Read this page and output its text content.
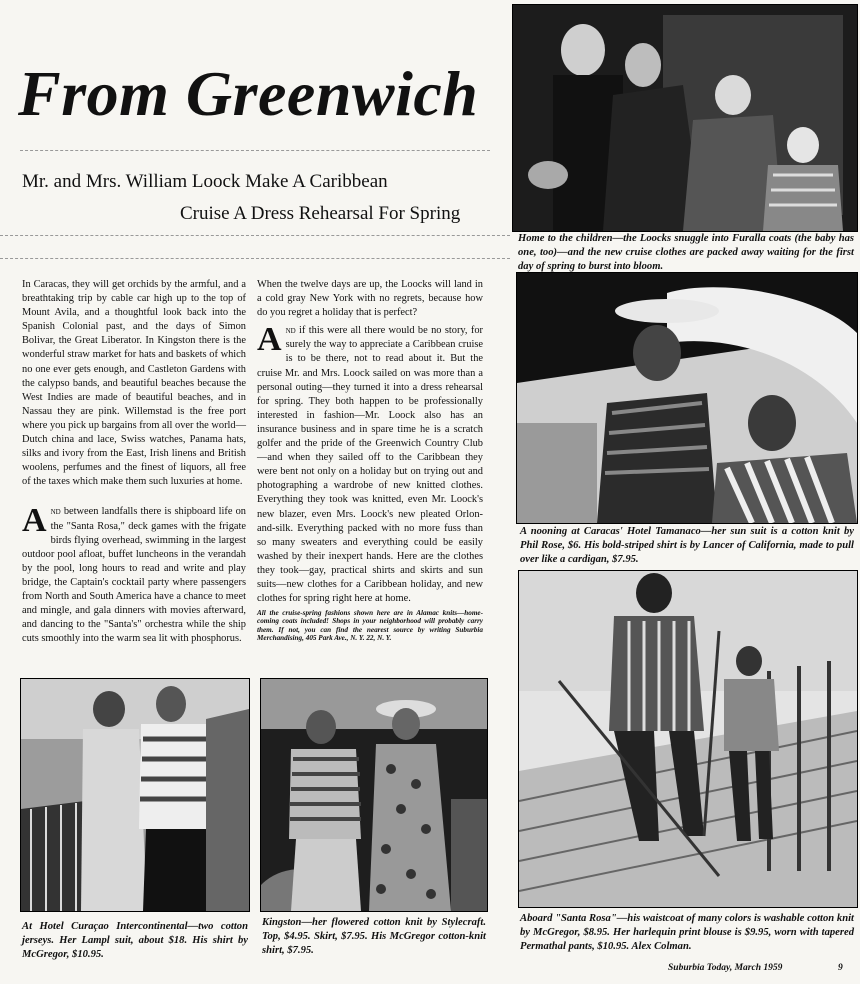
From Greenwich
Mr. and Mrs. William Loock Make A Caribbean
Cruise A Dress Rehearsal For Spring
Home to the children—the Loocks snuggle into Furalla coats (the baby has one, too)—and the new cruise clothes are packed away waiting for the first day of spring to burst into bloom.

In Caracas, they will get orchids by the armful, and a breathtaking trip by cable car high up to the top of Mount Avila, and a thoughtful look back into the Spanish Colonial past, and the days of Simon Bolivar, the Great Liberator. In Kingston there is the wonderful straw market for hats and baskets of which no one ever gets enough, and Castleton Gardens with the calypso bands, and beautiful beaches because the West Indies are made of beautiful beaches, and in Nassau they are pink. Willemstad is the free port where you pick up bargains from all over the world—Dutch china and lace, Swiss watches, Panama hats, silks and ivory from the East, Irish linens and British woolens, perfumes and the finest of liquors, all free of the taxes which make them such luxuries at home.

And between landfalls there is shipboard life on the "Santa Rosa," deck games with the frigate birds flying overhead, swimming in the largest outdoor pool afloat, buffet luncheons in the verandah by the pool, long hours to read and write and play bridge, the Captain's cocktail party where passengers from North and South America have a chance to meet and mingle, and gala dinners with movies afterward, and dancing to the "Santa's" orchestra while the ship cuts smoothly into the warm sea lit with phosphorus.

When the twelve days are up, the Loocks will land in a cold gray New York with no regrets, because how do you regret a holiday that is perfect?

And if this were all there would be no story, for surely the way to appreciate a Caribbean cruise is to be there, not to read about it. But the cruise Mr. and Mrs. Loock sailed on was more than a personal outing—they turned it into a dress rehearsal for spring. They both happen to be professionally interested in fashion—Mr. Loock also has an insurance business and in spare time he is a scratch golfer and the pride of the Greenwich Country Club—and when they sailed off to the Caribbean they were bent not only on a holiday but on trying out and photographing a wardrobe of new knitted clothes. Everything they took was knitted, even Mr. Loock's new blazer, even Mrs. Loock's new pleated Orlon-and-silk. Everything packed with no more fuss than so many sweaters and everything could be easily washed by their inexpert hands. Here are the clothes they took—gay, practical shirts and skirts and sun suits—new clothes for a Caribbean holiday, and new clothes for spring right here at home.

All the cruise-spring fashions shown here are in Alamac knits—home-coming coats included! Shops in your neighborhood will probably carry them. If not, you can find the nearest source by writing Suburbia Merchandising, 405 Park Ave., N. Y. 22, N. Y.

A nooning at Caracas' Hotel Tamanaco—her sun suit is a cotton knit by Phil Rose, $6. His bold-striped shirt is by Lancer of California, made to pull over like a cardigan, $7.95.
Aboard "Santa Rosa"—his waistcoat of many colors is washable cotton knit by McGregor, $8.95. Her harlequin print blouse is $9.95, worn with tapered Permathal pants, $10.95. Alex Colman.
At Hotel Curaçao Intercontinental—two cotton jerseys. Her Lampl suit, about $18. His shirt by McGregor, $10.95.
Kingston—her flowered cotton knit by Stylecraft. Top, $4.95. Skirt, $7.95. His McGregor cotton-knit shirt, $7.95.
Suburbia Today, March 1959	9
